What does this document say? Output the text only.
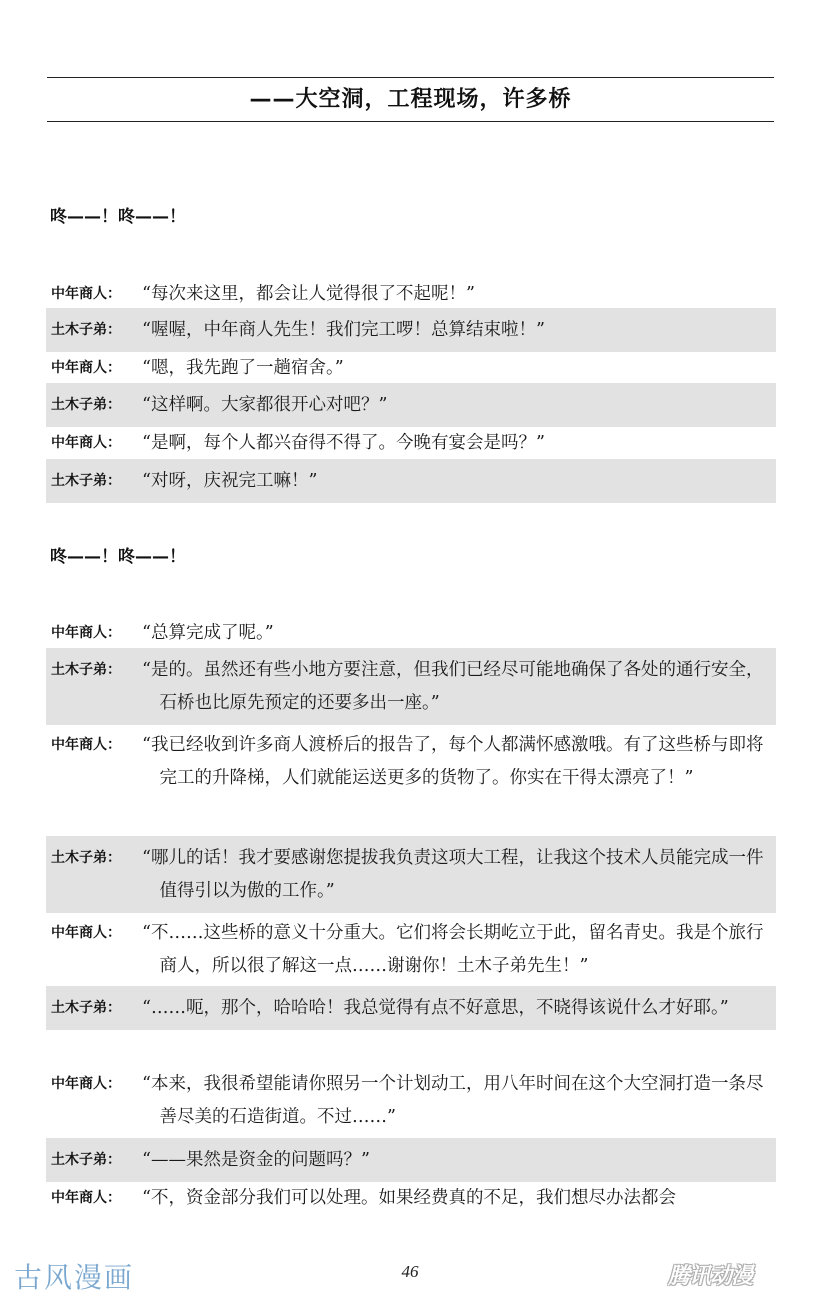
——大空洞，工程现场，许多桥
咚——！咚——！
中年商人： “每次来这里，都会让人觉得很了不起呢！”
土木子弟： “喔喔，中年商人先生！我们完工啰！总算结束啦！”
中年商人： “嗯，我先跑了一趟宿舍。”
土木子弟： “这样啊。大家都很开心对吧？”
中年商人： “是啊，每个人都兴奋得不得了。今晚有宴会是吗？”
土木子弟： “对呀，庆祝完工嘛！”
咚——！咚——！
中年商人： “总算完成了呢。”
土木子弟： “是的。虽然还有些小地方要注意，但我们已经尽可能地确保了各处的通行安全，石桥也比原先预定的还要多出一座。”
中年商人： “我已经收到许多商人渡桥后的报告了，每个人都满怀感激哦。有了这些桥与即将完工的升降梯，人们就能运送更多的货物了。你实在干得太漂亮了！”
土木子弟： “哪儿的话！我才要感谢您提拔我负责这项大工程，让我这个技术人员能完成一件值得引以为傲的工作。”
中年商人： “不……这些桥的意义十分重大。它们将会长期屹立于此，留名青史。我是个旅行商人，所以很了解这一点……谢谢你！土木子弟先生！”
土木子弟： “……呃，那个，哈哈哈！我总觉得有点不好意思，不晓得该说什么才好耶。”
中年商人： “本来，我很希望能请你照另一个计划动工，用八年时间在这个大空洞打造一条尽善尽美的石造街道。不过……”
土木子弟： “——果然是资金的问题吗？”
中年商人： “不，资金部分我们可以处理。如果经费真的不足，我们想尽办法都会
古风漫画	46	腾讯动漫
